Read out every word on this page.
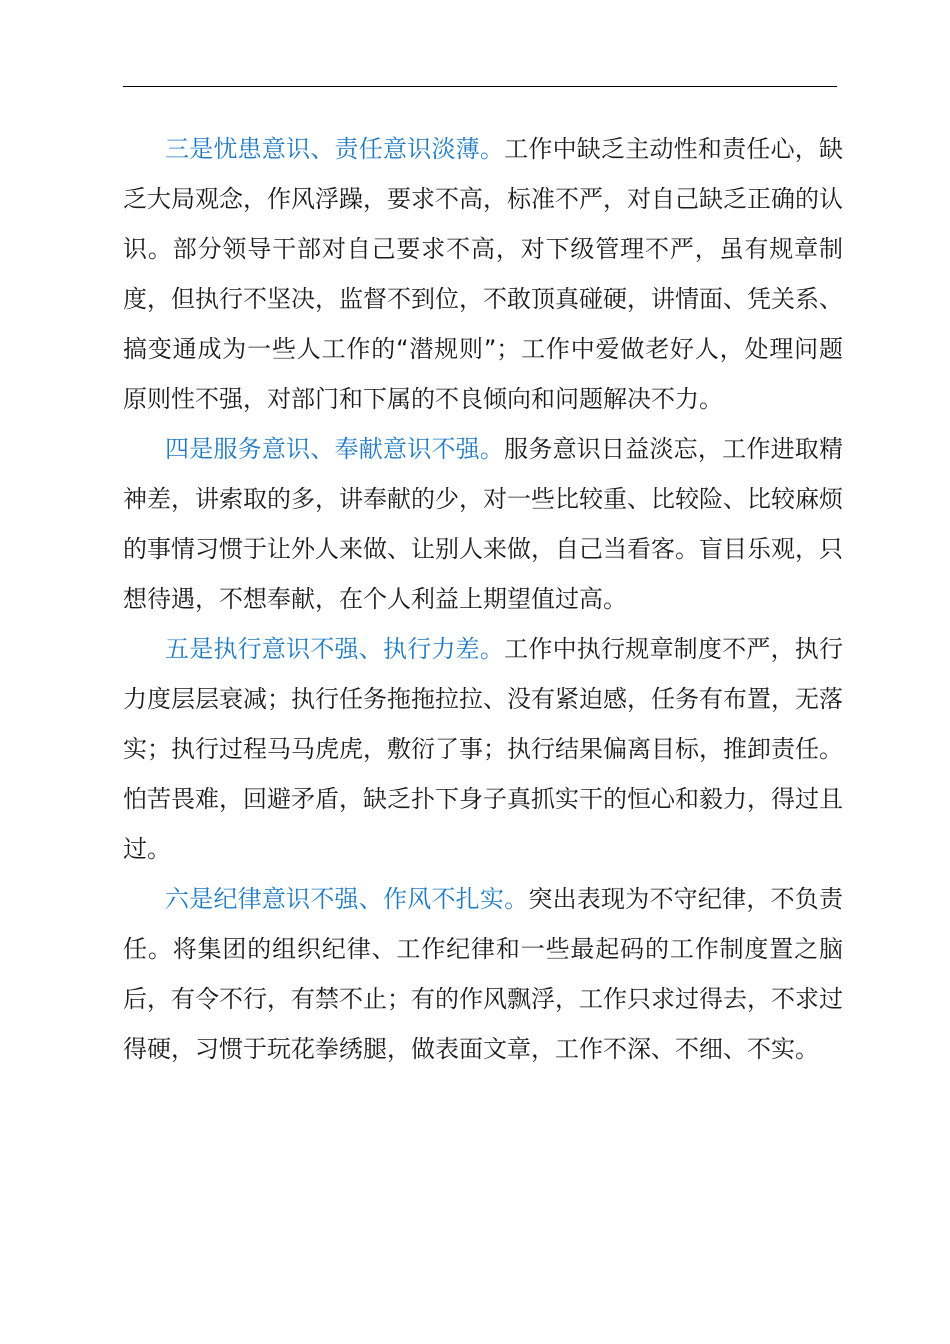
三是忧患意识、责任意识淡薄。工作中缺乏主动性和责任心，缺乏大局观念，作风浮躁，要求不高，标准不严，对自己缺乏正确的认识。部分领导干部对自己要求不高，对下级管理不严，虽有规章制度，但执行不坚决，监督不到位，不敢顶真碰硬，讲情面、凭关系、搞变通成为一些人工作的“潜规则”；工作中爱做老好人，处理问题原则性不强，对部门和下属的不良倾向和问题解决不力。

四是服务意识、奉献意识不强。服务意识日益淡忘，工作进取精神差，讲索取的多，讲奉献的少，对一些比较重、比较险、比较麻烦的事情习惯于让外人来做、让别人来做，自己当看客。盲目乐观，只想待遇，不想奉献，在个人利益上期望值过高。

五是执行意识不强、执行力差。工作中执行规章制度不严，执行力度层层衰减；执行任务拖拖拉拉、没有紧迫感，任务有布置，无落实；执行过程马马虎虎，敷衍了事；执行结果偏离目标，推卸责任。怕苦畏难，回避矛盾，缺乏扑下身子真抓实干的恒心和毅力，得过且过。

六是纪律意识不强、作风不扎实。突出表现为不守纪律，不负责任。将集团的组织纪律、工作纪律和一些最起码的工作制度置之脑后，有令不行，有禁不止；有的作风飘浮，工作只求过得去，不求过得硬，习惯于玩花拳绣腿，做表面文章，工作不深、不细、不实。
